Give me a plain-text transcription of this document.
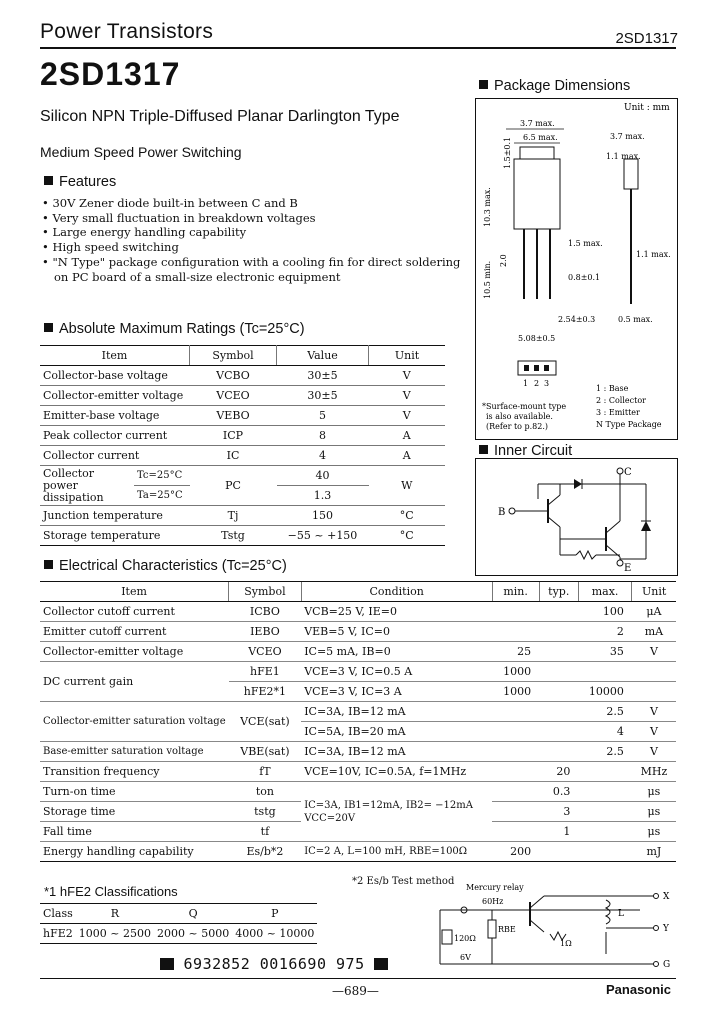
Power Transistors	2SD1317
2SD1317
Silicon NPN Triple-Diffused Planar Darlington Type
Medium Speed Power Switching
Features
• 30V Zener diode built-in between C and B
• Very small fluctuation in breakdown voltages
• Large energy handling capability
• High speed switching
• "N Type" package configuration with a cooling fin for direct soldering
on PC board of a small-size electronic equipment
Absolute Maximum Ratings (Tc=25°C)
Item		Symbol	Value	Unit
Collector-base voltage		VCBO	30±5	V
Collector-emitter voltage		VCEO	30±5	V
Emitter-base voltage		VEBO	5	V
Peak collector current		ICP	8	A
Collector current		IC	4	A
Collector power dissipation	Tc=25°C	PC	40	W
	Ta=25°C		1.3	
Junction temperature		Tj	150	°C
Storage temperature		Tstg	−55 ~ +150	°C
Package Dimensions
Unit : mm
3.7 max.
6.5 max.
1.5±0.1
10.3 max.
10.5 min.
2.0
1.5 max.
0.8±0.1
2.54±0.3
5.08±0.5
3.7 max.
1.1 max.
1.1 max.
0.5 max.
1 2 3
*Surface-mount type
is also available.
(Refer to p.82.)
1 : Base
2 : Collector
3 : Emitter
N Type Package
Inner Circuit
C
B
E
Electrical Characteristics (Tc=25°C)
Item	Symbol	Condition	min.	typ.	max.	Unit
Collector cutoff current	ICBO	VCB=25 V, IE=0			100	μA
Emitter cutoff current	IEBO	VEB=5 V, IC=0			2	mA
Collector-emitter voltage	VCEO	IC=5 mA, IB=0	25		35	V
DC current gain	hFE1	VCE=3 V, IC=0.5 A	1000			
	hFE2*1	VCE=3 V, IC=3 A	1000		10000	
Collector-emitter saturation voltage	VCE(sat)	IC=3A, IB=12 mA			2.5	V
		IC=5A, IB=20 mA			4	V
Base-emitter saturation voltage	VBE(sat)	IC=3A, IB=12 mA			2.5	V
Transition frequency	fT	VCE=10V, IC=0.5A, f=1MHz		20		MHz
Turn-on time	ton	IC=3A, IB1=12mA, IB2= −12mA
VCC=20V		0.3		μs
Storage time	tstg			3		μs
Fall time	tf			1		μs
Energy handling capability	Es/b*2	IC=2 A, L=100 mH, RBE=100Ω	200			mJ
*1 hFE2 Classifications
Class	R	Q	P
hFE2	1000 ~ 2500	2000 ~ 5000	4000 ~ 10000
*2 Es/b Test method
Mercury relay
60Hz
120Ω
RBE
1Ω
6V
L
X
Y
G
6932852 0016690 975
—689—	Panasonic
